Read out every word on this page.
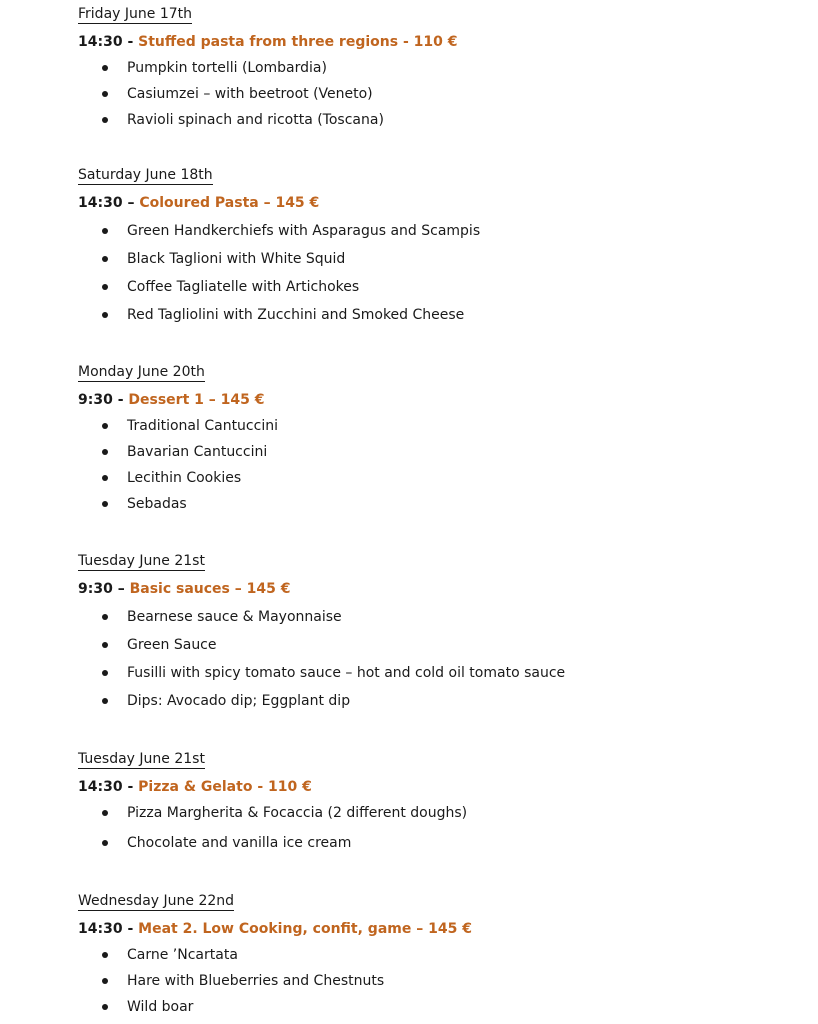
Friday June 17th
14:30 - Stuffed pasta from three regions - 110 €
Pumpkin tortelli (Lombardia)
Casiumzei – with beetroot (Veneto)
Ravioli spinach and ricotta (Toscana)
Saturday June 18th
14:30 – Coloured Pasta – 145 €
Green Handkerchiefs with Asparagus and Scampis
Black Taglioni with White Squid
Coffee Tagliatelle with Artichokes
Red Tagliolini with Zucchini and Smoked Cheese
Monday June 20th
9:30 - Dessert 1 – 145 €
Traditional Cantuccini
Bavarian Cantuccini
Lecithin Cookies
Sebadas
Tuesday June 21st
9:30 – Basic sauces – 145 €
Bearnese sauce & Mayonnaise
Green Sauce
Fusilli with spicy tomato sauce – hot and cold oil tomato sauce
Dips: Avocado dip; Eggplant dip
Tuesday June 21st
14:30 - Pizza & Gelato - 110 €
Pizza Margherita & Focaccia (2 different doughs)
Chocolate and vanilla ice cream
Wednesday June 22nd
14:30 - Meat 2. Low Cooking, confit, game – 145 €
Carne ’Ncartata
Hare with Blueberries and Chestnuts
Wild boar
